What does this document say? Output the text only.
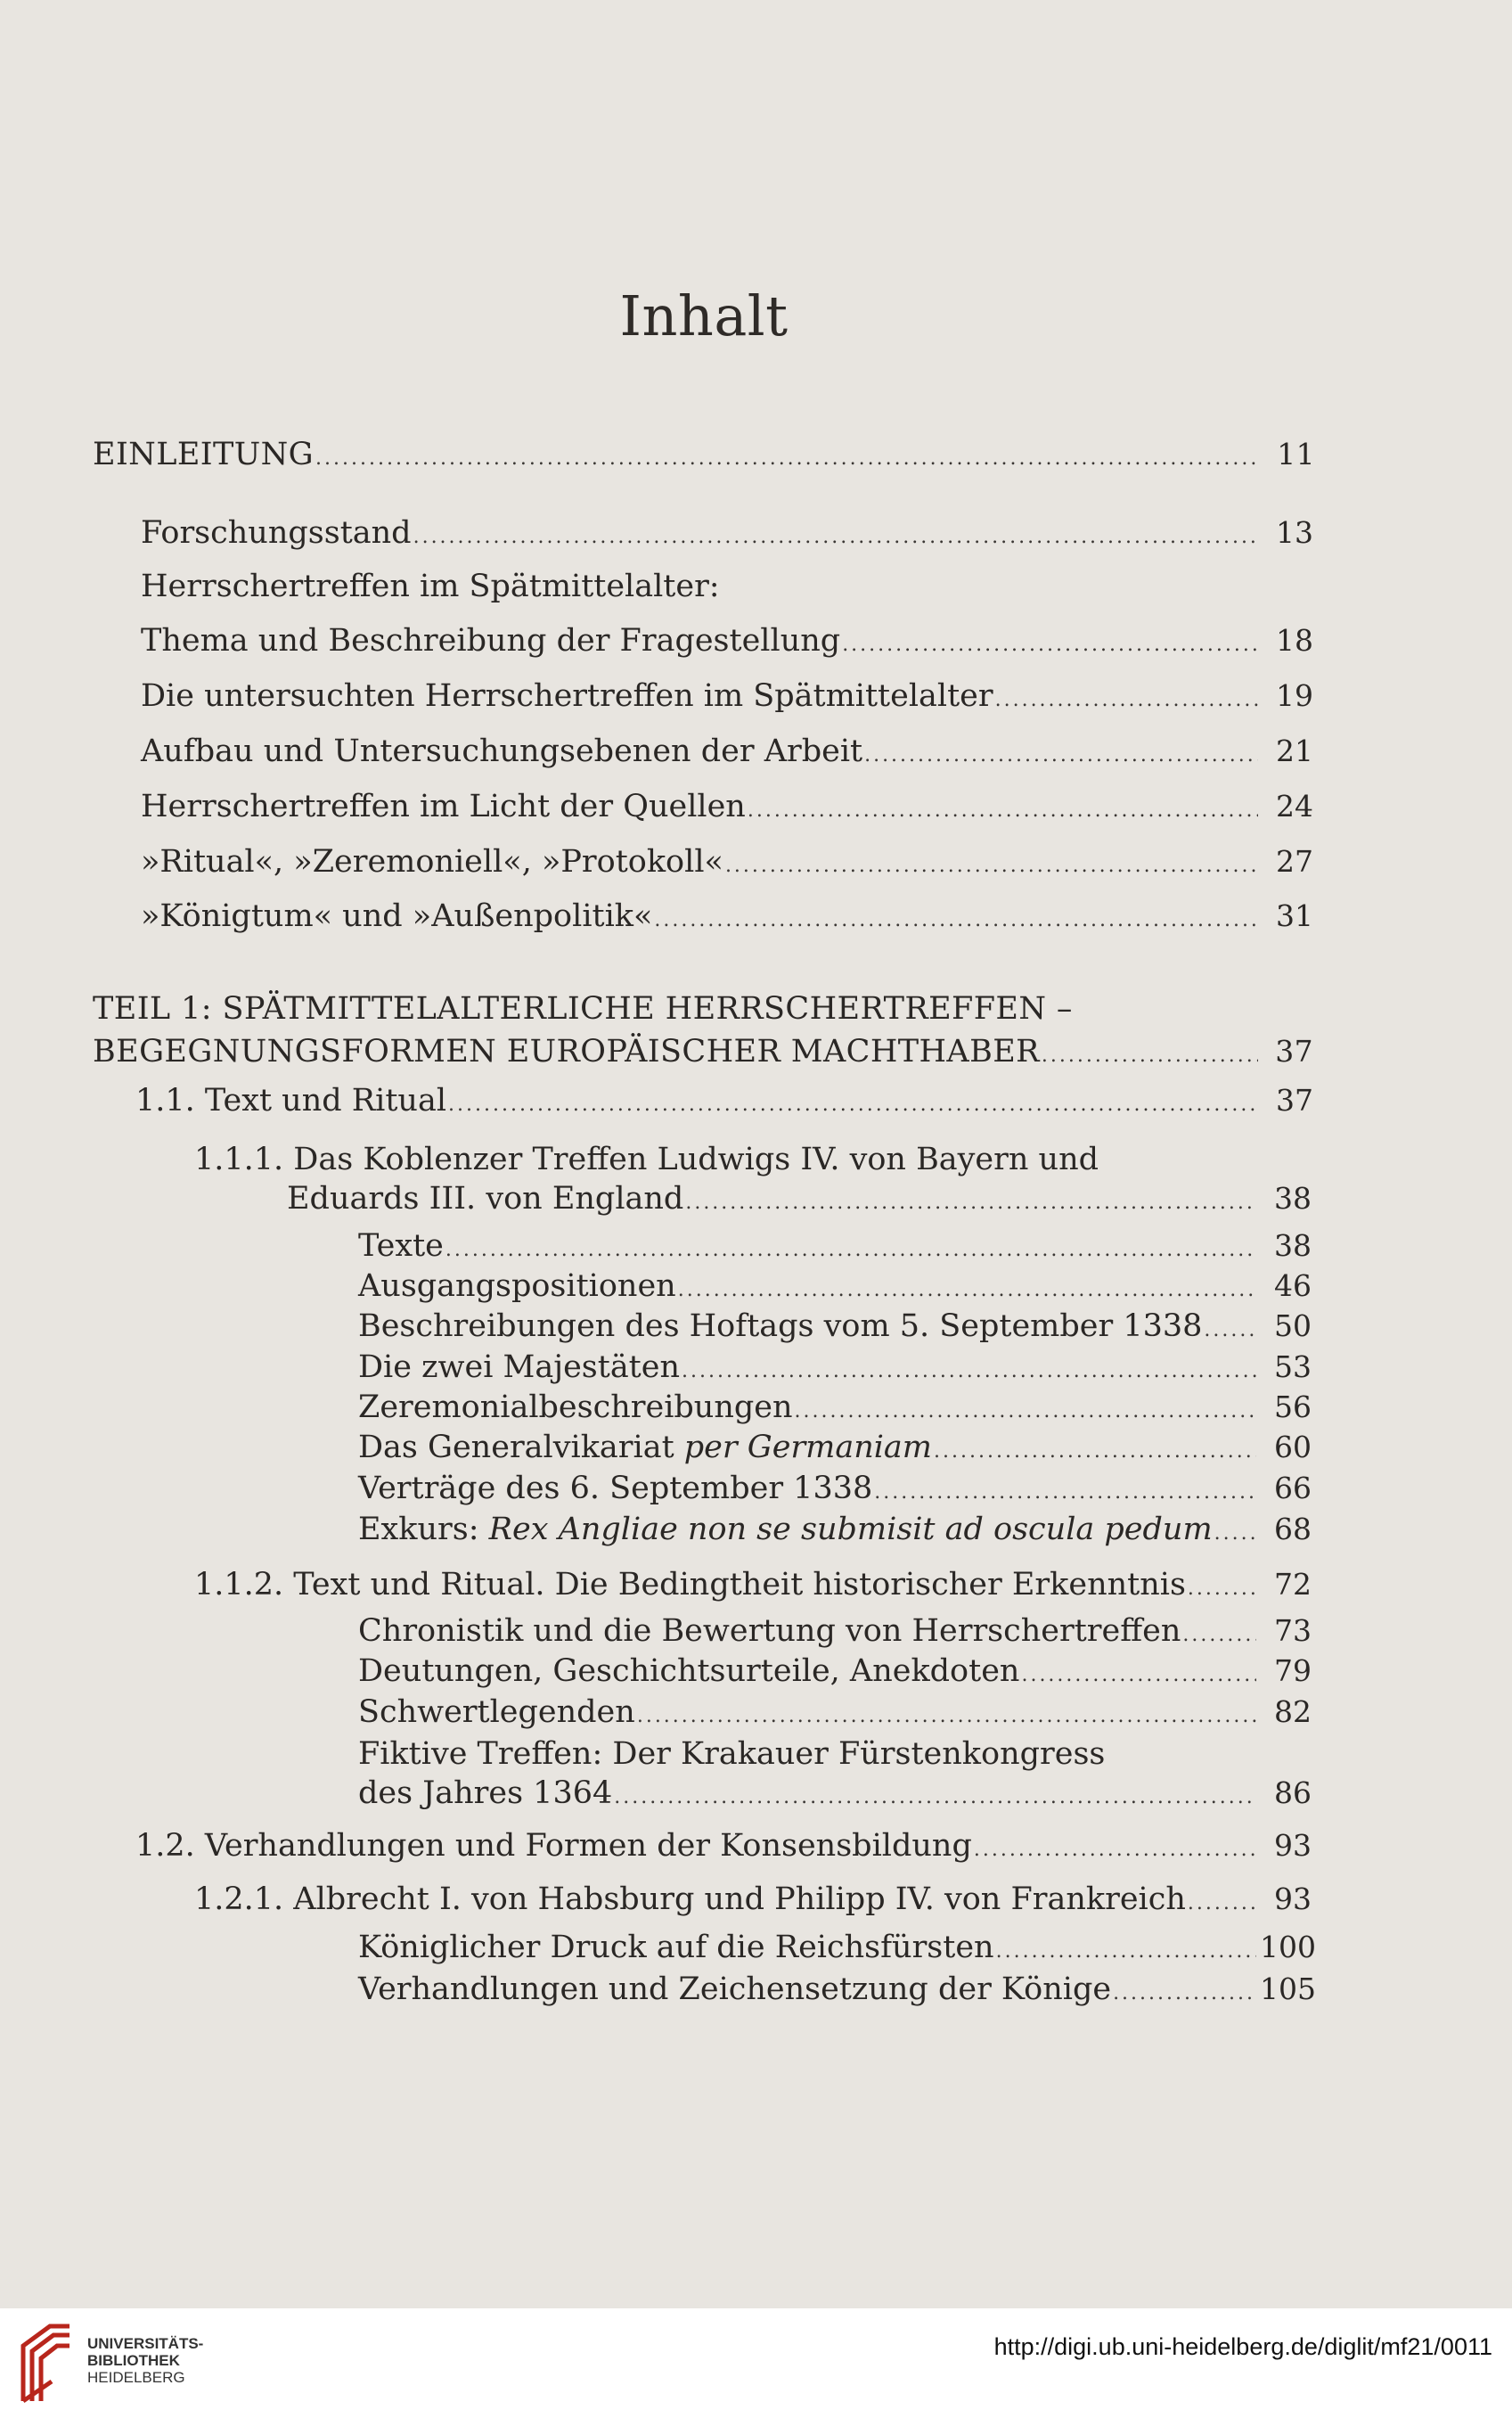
Inhalt
EINLEITUNG .....	11
Forschungsstand .....	13
Herrschertreffen im Spätmittelalter:
Thema und Beschreibung der Fragestellung .....	18
Die untersuchten Herrschertreffen im Spätmittelalter .....	19
Aufbau und Untersuchungsebenen der Arbeit .....	21
Herrschertreffen im Licht der Quellen .....	24
»Ritual«, »Zeremoniell«, »Protokoll« .....	27
»Königtum« und »Außenpolitik« .....	31
TEIL 1: SPÄTMITTELALTERLICHE HERRSCHERTREFFEN –
BEGEGNUNGSFORMEN EUROPÄISCHER MACHTHABER .....	37
1.1. Text und Ritual .....	37
1.1.1. Das Koblenzer Treffen Ludwigs IV. von Bayern und
Eduards III. von England .....	38
Texte .....	38
Ausgangspositionen .....	46
Beschreibungen des Hoftags vom 5. September 1338 .....	50
Die zwei Majestäten .....	53
Zeremonialbeschreibungen .....	56
Das Generalvikariat per Germaniam .....	60
Verträge des 6. September 1338 .....	66
Exkurs: Rex Angliae non se submisit ad oscula pedum .....	68
1.1.2. Text und Ritual. Die Bedingtheit historischer Erkenntnis .....	72
Chronistik und die Bewertung von Herrschertreffen .....	73
Deutungen, Geschichtsurteile, Anekdoten .....	79
Schwertlegenden .....	82
Fiktive Treffen: Der Krakauer Fürstenkongress
des Jahres 1364 .....	86
1.2. Verhandlungen und Formen der Konsensbildung .....	93
1.2.1. Albrecht I. von Habsburg und Philipp IV. von Frankreich .....	93
Königlicher Druck auf die Reichsfürsten .....	100
Verhandlungen und Zeichensetzung der Könige .....	105
UNIVERSITÄTS-
BIBLIOTHEK
HEIDELBERG
http://digi.ub.uni-heidelberg.de/diglit/mf21/0011
